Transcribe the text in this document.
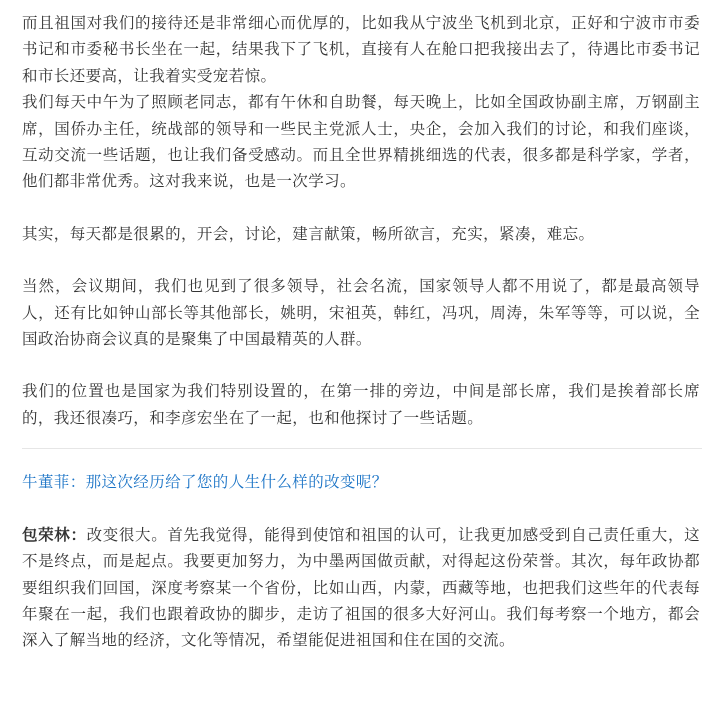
而且祖国对我们的接待还是非常细心而优厚的，比如我从宁波坐飞机到北京，正好和宁波市市委书记和市委秘书长坐在一起，结果我下了飞机，直接有人在舱口把我接出去了，待遇比市委书记和市长还要高，让我着实受宠若惊。

我们每天中午为了照顾老同志，都有午休和自助餐，每天晚上，比如全国政协副主席，万钢副主席，国侨办主任，统战部的领导和一些民主党派人士，央企，会加入我们的讨论，和我们座谈，互动交流一些话题，也让我们备受感动。而且全世界精挑细选的代表，很多都是科学家，学者，他们都非常优秀。这对我来说，也是一次学习。

其实，每天都是很累的，开会，讨论，建言献策，畅所欲言，充实，紧凑，难忘。

当然，会议期间，我们也见到了很多领导，社会名流，国家领导人都不用说了，都是最高领导人，还有比如钟山部长等其他部长，姚明，宋祖英，韩红，冯巩，周涛，朱军等等，可以说，全国政治协商会议真的是聚集了中国最精英的人群。

我们的位置也是国家为我们特别设置的，在第一排的旁边，中间是部长席，我们是挨着部长席的，我还很凑巧，和李彦宏坐在了一起，也和他探讨了一些话题。

牛董菲：那这次经历给了您的人生什么样的改变呢？

包荣林：改变很大。首先我觉得，能得到使馆和祖国的认可，让我更加感受到自己责任重大，这不是终点，而是起点。我要更加努力，为中墨两国做贡献，对得起这份荣誉。其次，每年政协都要组织我们回国，深度考察某一个省份，比如山西，内蒙，西藏等地，也把我们这些年的代表每年聚在一起，我们也跟着政协的脚步，走访了祖国的很多大好河山。我们每考察一个地方，都会深入了解当地的经济，文化等情况，希望能促进祖国和住在国的交流。
